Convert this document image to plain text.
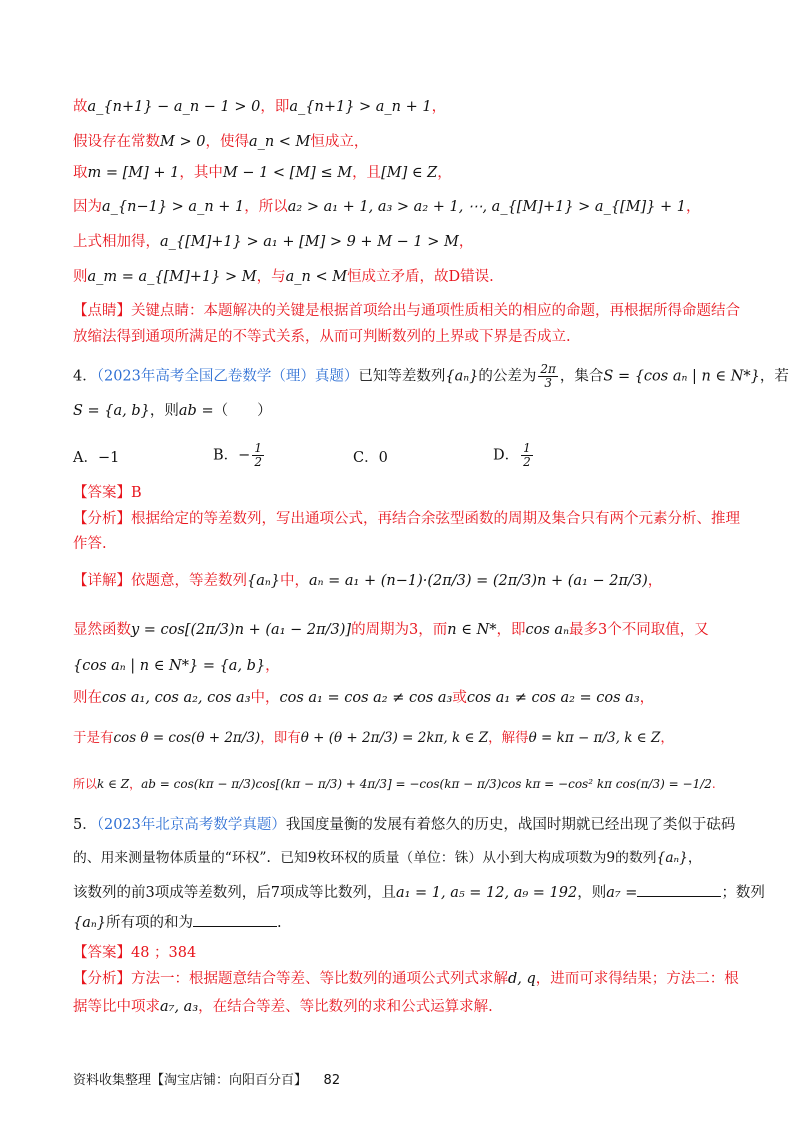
故a_{n+1} − a_n − 1 > 0，即a_{n+1} > a_n + 1，
假设存在常数M > 0，使得a_n < M恒成立，
取m = [M] + 1，其中M − 1 < [M] ≤ M，且[M] ∈ Z，
因为a_{n−1} > a_n + 1，所以a₂ > a₁ + 1, a₃ > a₂ + 1, ⋯, a_{[M]+1} > a_{[M]} + 1，
上式相加得，a_{[M]+1} > a₁ + [M] > 9 + M − 1 > M，
则a_m = a_{[M]+1} > M，与a_n < M恒成立矛盾，故D错误.
【点睛】关键点睛：本题解决的关键是根据首项给出与通项性质相关的相应的命题，再根据所得命题结合
放缩法得到通项所满足的不等式关系，从而可判断数列的上界或下界是否成立.
4．（2023年高考全国乙卷数学（理）真题）已知等差数列{aₙ}的公差为 $\frac{2\pi}{3}$ ，集合S = {cos aₙ | n ∈ N*}，若
S = {a, b}，则ab =（　　）
A．−1	B．− $\frac{1}{2}$	C．0	D． $\frac{1}{2}$
【答案】B
【分析】根据给定的等差数列，写出通项公式，再结合余弦型函数的周期及集合只有两个元素分析、推理
作答.
【详解】依题意，等差数列{aₙ}中，aₙ = a₁ + (n−1)·(2π/3) = (2π/3)n + (a₁ − 2π/3)，
显然函数y = cos[(2π/3)n + (a₁ − 2π/3)]的周期为3，而n ∈ N*，即cos aₙ最多3个不同取值，又
{cos aₙ | n ∈ N*} = {a, b}，
则在cos a₁, cos a₂, cos a₃中，cos a₁ = cos a₂ ≠ cos a₃或cos a₁ ≠ cos a₂ = cos a₃，
于是有cos θ = cos(θ + 2π/3)，即有θ + (θ + 2π/3) = 2kπ, k ∈ Z，解得θ = kπ − π/3, k ∈ Z，
所以k ∈ Z，ab = cos(kπ − π/3)cos[(kπ − π/3) + 4π/3] = −cos(kπ − π/3)cos kπ = −cos² kπ cos(π/3) = −1/2.
5．（2023年北京高考数学真题）我国度量衡的发展有着悠久的历史，战国时期就已经出现了类似于砝码
的、用来测量物体质量的“环权”．已知9枚环权的质量（单位：铢）从小到大构成项数为9的数列{aₙ}，
该数列的前3项成等差数列，后7项成等比数列，且a₁ = 1, a₅ = 12, a₉ = 192，则a₇ =	；数列
{aₙ}所有项的和为	.
【答案】48 ；384
【分析】方法一：根据题意结合等差、等比数列的通项公式列式求解d, q，进而可求得结果；方法二：根
据等比中项求a₇, a₃，在结合等差、等比数列的求和公式运算求解.
资料收集整理【淘宝店铺：向阳百分百】 82
